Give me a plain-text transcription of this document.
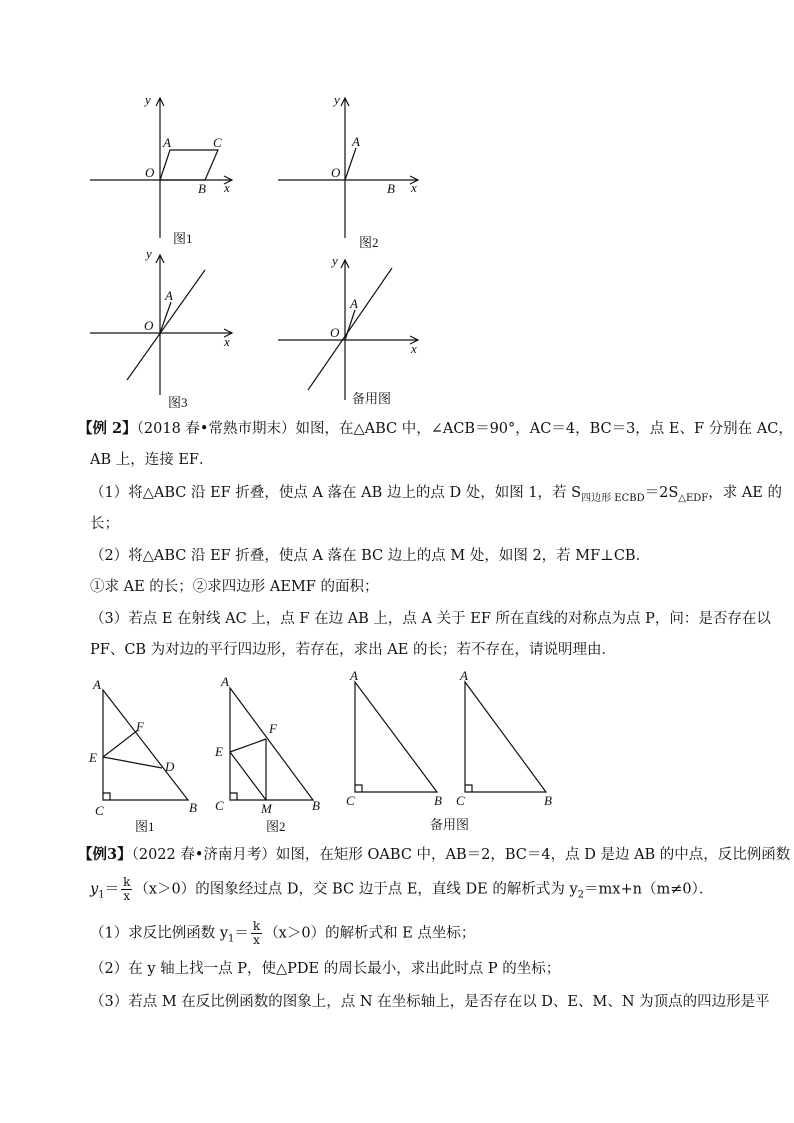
y
x
O
A	C
B
y
x
O
A
B
y
x
O
A
y
x
O
A
图1	图2
图3	备用图
【例 2】（2018 春•常熟市期末）如图，在△ABC 中，∠ACB＝90°，AC＝4，BC＝3，点 E、F 分别在 AC，
AB 上，连接 EF．
（1）将△ABC 沿 EF 折叠，使点 A 落在 AB 边上的点 D 处，如图 1，若 $S_{四边形 ECBD}=2S_{\triangle EDF}$，求 AE 的
长；
（2）将△ABC 沿 EF 折叠，使点 A 落在 BC 边上的点 M 处，如图 2，若 MF⊥CB．
①求 AE 的长；②求四边形 AEMF 的面积；
（3）若点 E 在射线 AC 上，点 F 在边 AB 上，点 A 关于 EF 所在直线的对称点为点 P，问：是否存在以
PF、CB 为对边的平行四边形，若存在，求出 AE 的长；若不存在，请说明理由．
A
F
E
D
C	B
A
F
E
C	M	B
A
C	B
A
C	B
图1	图2	备用图
【例3】（2022 春•济南月考）如图，在矩形 OABC 中，AB＝2，BC＝4，点 D 是边 AB 的中点，反比例函数
$y_1= \frac{k}{x} (x>0)$的图象经过点 D，交 BC 边于点 E，直线 DE 的解析式为 $y_2=mx+n(m\ne 0)$．
（1）求反比例函数 $y_1= \frac{k}{x} (x>0)$的解析式和 E 点坐标；
（2）在 y 轴上找一点 P，使△PDE 的周长最小，求出此时点 P 的坐标；
（3）若点 M 在反比例函数的图象上，点 N 在坐标轴上，是否存在以 D、E、M、N 为顶点的四边形是平
